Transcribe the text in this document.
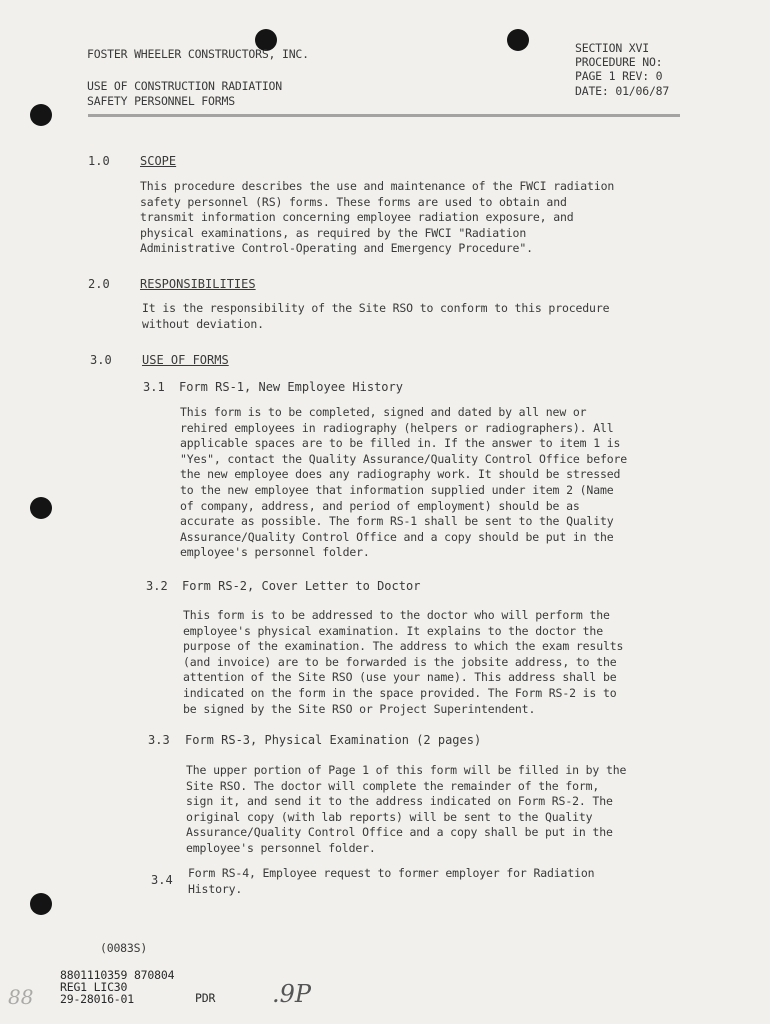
FOSTER WHEELER CONSTRUCTORS, INC.
USE OF CONSTRUCTION RADIATION
SAFETY PERSONNEL FORMS
SECTION XVI
PROCEDURE NO:
PAGE 1 REV: 0
DATE: 01/06/87
1.0	SCOPE

This procedure describes the use and maintenance of the FWCI radiation

safety personnel (RS) forms. These forms are used to obtain and

transmit information concerning employee radiation exposure, and

physical examinations, as required by the FWCI "Radiation

Administrative Control-Operating and Emergency Procedure".

2.0	RESPONSIBILITIES

It is the responsibility of the Site RSO to conform to this procedure

without deviation.

3.0	USE OF FORMS
3.1 Form RS-1, New Employee History

This form is to be completed, signed and dated by all new or

rehired employees in radiography (helpers or radiographers). All

applicable spaces are to be filled in. If the answer to item 1 is

"Yes", contact the Quality Assurance/Quality Control Office before

the new employee does any radiography work. It should be stressed

to the new employee that information supplied under item 2 (Name

of company, address, and period of employment) should be as

accurate as possible. The form RS-1 shall be sent to the Quality

Assurance/Quality Control Office and a copy should be put in the

employee's personnel folder.

3.2 Form RS-2, Cover Letter to Doctor

This form is to be addressed to the doctor who will perform the

employee's physical examination. It explains to the doctor the

purpose of the examination. The address to which the exam results

(and invoice) are to be forwarded is the jobsite address, to the

attention of the Site RSO (use your name). This address shall be

indicated on the form in the space provided. The Form RS-2 is to

be signed by the Site RSO or Project Superintendent.

3.3 Form RS-3, Physical Examination (2 pages)

The upper portion of Page 1 of this form will be filled in by the

Site RSO. The doctor will complete the remainder of the form,

sign it, and send it to the address indicated on Form RS-2. The

original copy (with lab reports) will be sent to the Quality

Assurance/Quality Control Office and a copy shall be put in the

employee's personnel folder.

3.4 Form RS-4, Employee request to former employer for Radiation

History.

(0083S)
8801110359 870804
REG1 LIC30
29-28016-01	PDR
88	.9P
